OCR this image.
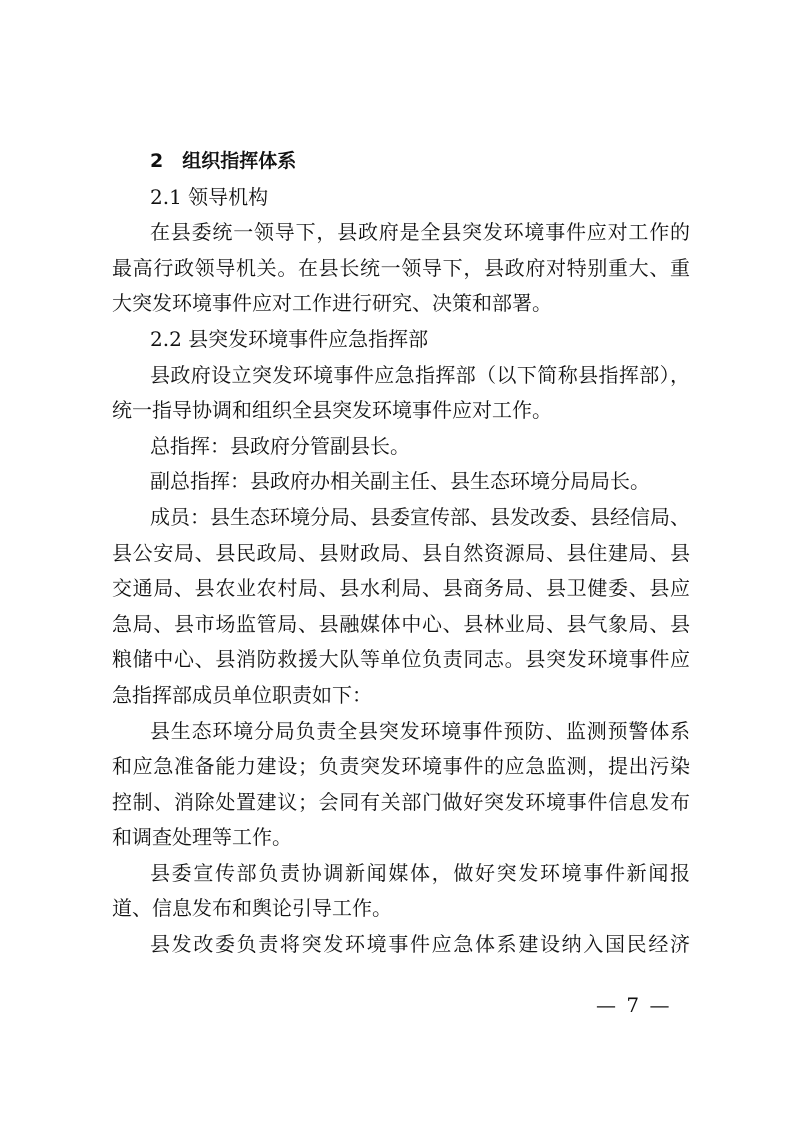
2　组织指挥体系
2.1 领导机构
在县委统一领导下，县政府是全县突发环境事件应对工作的
最高行政领导机关。在县长统一领导下，县政府对特别重大、重
大突发环境事件应对工作进行研究、决策和部署。
2.2 县突发环境事件应急指挥部
县政府设立突发环境事件应急指挥部（以下简称县指挥部），
统一指导协调和组织全县突发环境事件应对工作。
总指挥：县政府分管副县长。
副总指挥：县政府办相关副主任、县生态环境分局局长。
成员：县生态环境分局、县委宣传部、县发改委、县经信局、
县公安局、县民政局、县财政局、县自然资源局、县住建局、县
交通局、县农业农村局、县水利局、县商务局、县卫健委、县应
急局、县市场监管局、县融媒体中心、县林业局、县气象局、县
粮储中心、县消防救援大队等单位负责同志。县突发环境事件应
急指挥部成员单位职责如下：
县生态环境分局负责全县突发环境事件预防、监测预警体系
和应急准备能力建设；负责突发环境事件的应急监测，提出污染
控制、消除处置建议；会同有关部门做好突发环境事件信息发布
和调查处理等工作。
县委宣传部负责协调新闻媒体，做好突发环境事件新闻报
道、信息发布和舆论引导工作。
县发改委负责将突发环境事件应急体系建设纳入国民经济
— 7 —
